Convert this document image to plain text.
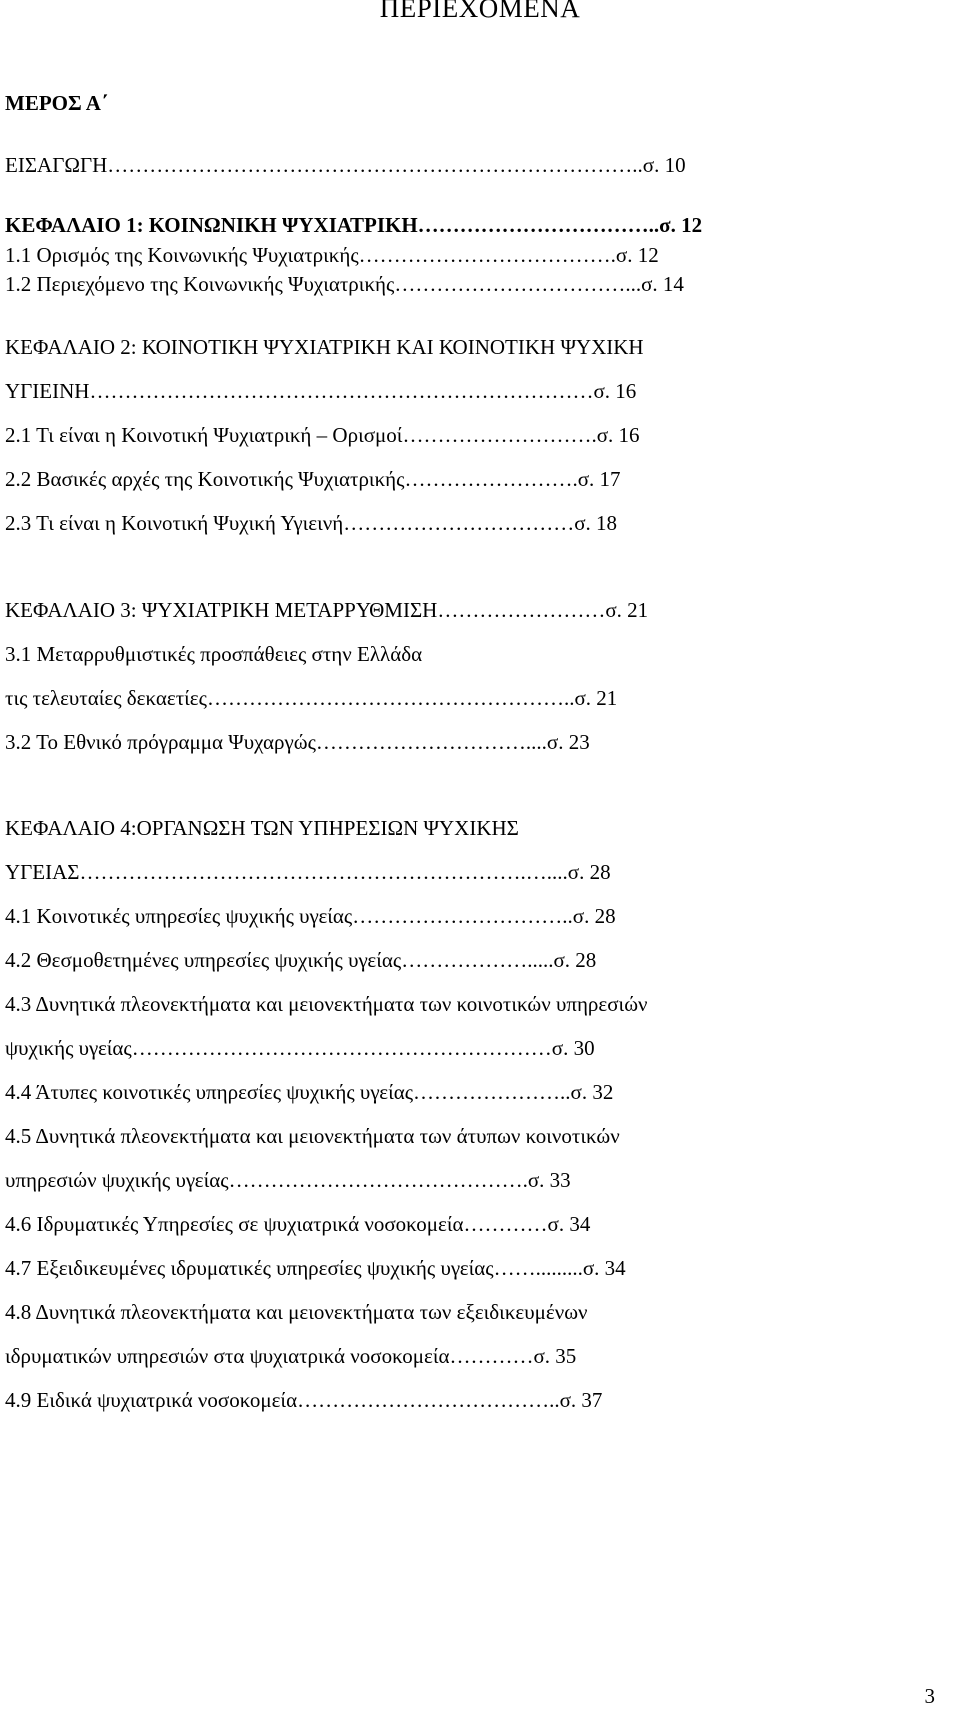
ΠΕΡΙΕΧΟΜΕΝΑ
ΜΕΡΟΣ Α΄
ΕΙΣΑΓΩΓΗ…………………………………………………………………..σ. 10
ΚΕΦΑΛΑΙΟ 1: ΚΟΙΝΩΝΙΚΗ ΨΥΧΙΑΤΡΙΚΗ……………………………..σ. 12
1.1 Ορισμός της Κοινωνικής Ψυχιατρικής……………………………….σ. 12
1.2 Περιεχόμενο της Κοινωνικής Ψυχιατρικής……………………………...σ. 14
ΚΕΦΑΛΑΙΟ 2: ΚΟΙΝΟΤΙΚΗ ΨΥΧΙΑΤΡΙΚΗ ΚΑΙ ΚΟΙΝΟΤΙΚΗ ΨΥΧΙΚΗ
ΥΓΙΕΙΝΗ………………………………………………………………σ. 16
2.1 Τι είναι η Κοινοτική Ψυχιατρική – Ορισμοί……………………….σ. 16
2.2 Βασικές αρχές της Κοινοτικής Ψυχιατρικής…………………….σ. 17
2.3 Τι είναι η Κοινοτική Ψυχική Υγιεινή……………………………σ. 18
ΚΕΦΑΛΑΙΟ 3: ΨΥΧΙΑΤΡΙΚΗ ΜΕΤΑΡΡΥΘΜΙΣΗ……………………σ. 21
3.1 Μεταρρυθμιστικές προσπάθειες στην Ελλάδα
τις τελευταίες δεκαετίες……………………………………………..σ. 21
3.2 Το Εθνικό πρόγραμμα Ψυχαργώς…………………………....σ. 23
ΚΕΦΑΛΑΙΟ 4:ΟΡΓΑΝΩΣΗ ΤΩΝ ΥΠΗΡΕΣΙΩΝ ΨΥΧΙΚΗΣ
ΥΓΕΙΑΣ……………………………………………………….…....σ. 28
4.1 Κοινοτικές υπηρεσίες ψυχικής υγείας…………………………..σ. 28
4.2 Θεσμοθετημένες υπηρεσίες ψυχικής υγείας……………….....σ. 28
4.3 Δυνητικά πλεονεκτήματα και μειονεκτήματα των κοινοτικών υπηρεσιών
ψυχικής υγείας……………………………………………………σ. 30
4.4 Άτυπες κοινοτικές υπηρεσίες ψυχικής υγείας…………………..σ. 32
4.5 Δυνητικά πλεονεκτήματα και μειονεκτήματα των άτυπων κοινοτικών
υπηρεσιών ψυχικής υγείας…………………………………….σ. 33
4.6 Ιδρυματικές Υπηρεσίες σε ψυχιατρικά νοσοκομεία…………σ. 34
4.7 Εξειδικευμένες ιδρυματικές υπηρεσίες ψυχικής υγείας…….........σ. 34
4.8 Δυνητικά πλεονεκτήματα και μειονεκτήματα των εξειδικευμένων
ιδρυματικών υπηρεσιών στα ψυχιατρικά νοσοκομεία…………σ. 35
4.9 Ειδικά ψυχιατρικά νοσοκομεία………………………………..σ. 37
3
